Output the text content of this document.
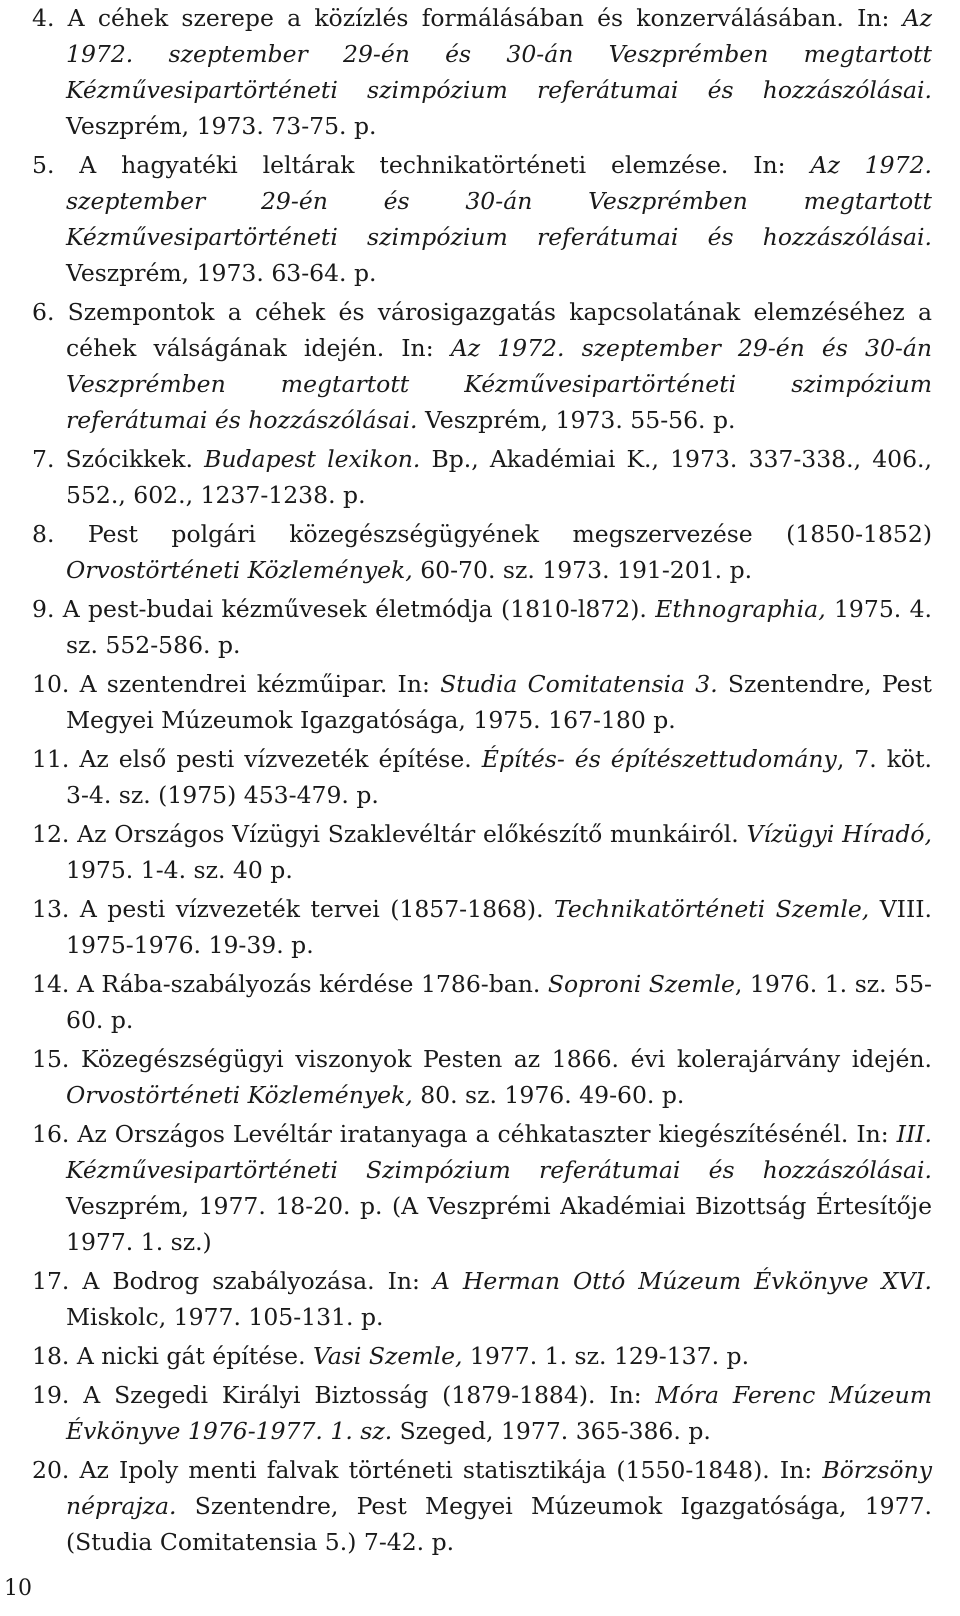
4. A céhek szerepe a közízlés formálásában és konzerválásában. In: Az 1972. szeptember 29-én és 30-án Veszprémben megtartott Kézművesipartörténeti szimpózium referátumai és hozzászólásai. Veszprém, 1973. 73-75. p.

5. A hagyatéki leltárak technikatörténeti elemzése. In: Az 1972. szeptember 29-én és 30-án Veszprémben megtartott Kézművesipartörténeti szimpózium referátumai és hozzászólásai. Veszprém, 1973. 63-64. p.

6. Szempontok a céhek és városigazgatás kapcsolatának elemzéséhez a céhek válságának idején. In: Az 1972. szeptember 29-én és 30-án Veszprémben megtartott Kézművesipartörténeti szimpózium referátumai és hozzászólásai. Veszprém, 1973. 55-56. p.

7. Szócikkek. Budapest lexikon. Bp., Akadémiai K., 1973. 337-338., 406., 552., 602., 1237-1238. p.

8. Pest polgári közegészségügyének megszervezése (1850-1852) Orvostörténeti Közlemények, 60-70. sz. 1973. 191-201. p.

9. A pest-budai kézművesek életmódja (1810-l872). Ethnographia, 1975. 4. sz. 552-586. p.

10. A szentendrei kézműipar. In: Studia Comitatensia 3. Szentendre, Pest Megyei Múzeumok Igazgatósága, 1975. 167-180 p.

11. Az első pesti vízvezeték építése. Építés- és építészettudomány, 7. köt. 3-4. sz. (1975) 453-479. p.

12. Az Országos Vízügyi Szaklevéltár előkészítő munkáiról. Vízügyi Híradó, 1975. 1-4. sz. 40 p.

13. A pesti vízvezeték tervei (1857-1868). Technikatörténeti Szemle, VIII. 1975-1976. 19-39. p.

14. A Rába-szabályozás kérdése 1786-ban. Soproni Szemle, 1976. 1. sz. 55-60. p.

15. Közegészségügyi viszonyok Pesten az 1866. évi kolerajárvány idején. Orvostörténeti Közlemények, 80. sz. 1976. 49-60. p.

16. Az Országos Levéltár iratanyaga a céhkataszter kiegészítésénél. In: III. Kézművesipartörténeti Szimpózium referátumai és hozzászólásai. Veszprém, 1977. 18-20. p. (A Veszprémi Akadémiai Bizottság Értesítője 1977. 1. sz.)

17. A Bodrog szabályozása. In: A Herman Ottó Múzeum Évkönyve XVI. Miskolc, 1977. 105-131. p.

18. A nicki gát építése. Vasi Szemle, 1977. 1. sz. 129-137. p.

19. A Szegedi Királyi Biztosság (1879-1884). In: Móra Ferenc Múzeum Évkönyve 1976-1977. 1. sz. Szeged, 1977. 365-386. p.

20. Az Ipoly menti falvak történeti statisztikája (1550-1848). In: Börzsöny néprajza. Szentendre, Pest Megyei Múzeumok Igazgatósága, 1977. (Studia Comitatensia 5.) 7-42. p.

10
